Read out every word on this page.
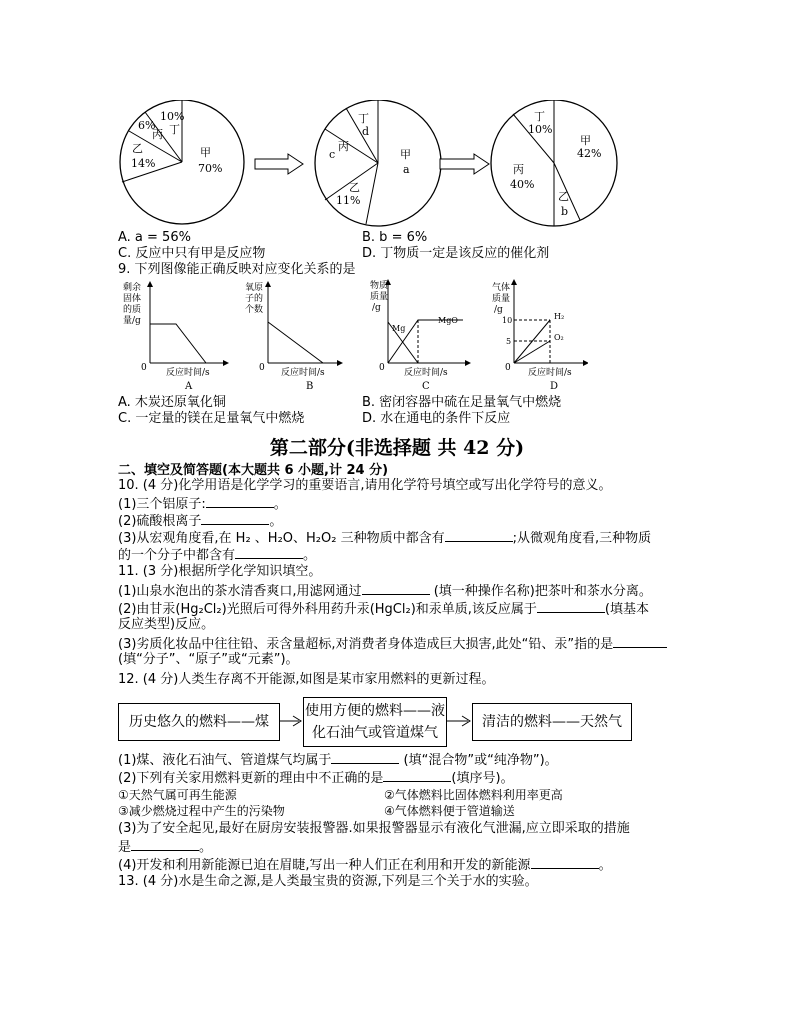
甲
70%
10%
丁
6%
丙
乙
14%
甲
a
丁
d
丙
c
乙
11%
甲
42%
丁
10%
丙
40%
乙
b
A. a = 56%	B. b = 6%
C. 反应中只有甲是反应物	D. 丁物质一定是该反应的催化剂
9. 下列图像能正确反映对应变化关系的是
剩余
固体
的质
量/g
0 反应时间/s
A
氧原
子的
个数
0 反应时间/s
B
物质
质量
/g
Mg
MgO
0 反应时间/s
C
气体
质量
/g
10
5
H₂
O₂
0 反应时间/s
D
A. 木炭还原氧化铜	B. 密闭容器中硫在足量氧气中燃烧
C. 一定量的镁在足量氧气中燃烧	D. 水在通电的条件下反应
第二部分(非选择题 共 42 分)
二、填空及简答题(本大题共 6 小题,计 24 分)
10. (4 分)化学用语是化学学习的重要语言,请用化学符号填空或写出化学符号的意义。
(1)三个铝原子:	。
(2)硫酸根离子	。
(3)从宏观角度看,在 H₂ 、H₂O、H₂O₂ 三种物质中都含有	;从微观角度看,三种物质
的一个分子中都含有	。
11. (3 分)根据所学化学知识填空。
(1)山泉水泡出的茶水清香爽口,用滤网通过	(填一种操作名称)把茶叶和茶水分离。
(2)由甘汞(Hg₂Cl₂)光照后可得外科用药升汞(HgCl₂)和汞单质,该反应属于	(填基本
反应类型)反应。
(3)劣质化妆品中往往铅、汞含量超标,对消费者身体造成巨大损害,此处“铅、汞”指的是
(填“分子”、“原子”或“元素”)。
12. (4 分)人类生存离不开能源,如图是某市家用燃料的更新过程。
历史悠久的燃料——煤
使用方便的燃料——液
化石油气或管道煤气
清洁的燃料——天然气
(1)煤、液化石油气、管道煤气均属于	(填“混合物”或“纯净物”)。
(2)下列有关家用燃料更新的理由中不正确的是	(填序号)。
①天然气属可再生能源	②气体燃料比固体燃料利用率更高
③减少燃烧过程中产生的污染物	④气体燃料便于管道输送
(3)为了安全起见,最好在厨房安装报警器.如果报警器显示有液化气泄漏,应立即采取的措施
是	。
(4)开发和利用新能源已迫在眉睫,写出一种人们正在利用和开发的新能源	。
13. (4 分)水是生命之源,是人类最宝贵的资源,下列是三个关于水的实验。
